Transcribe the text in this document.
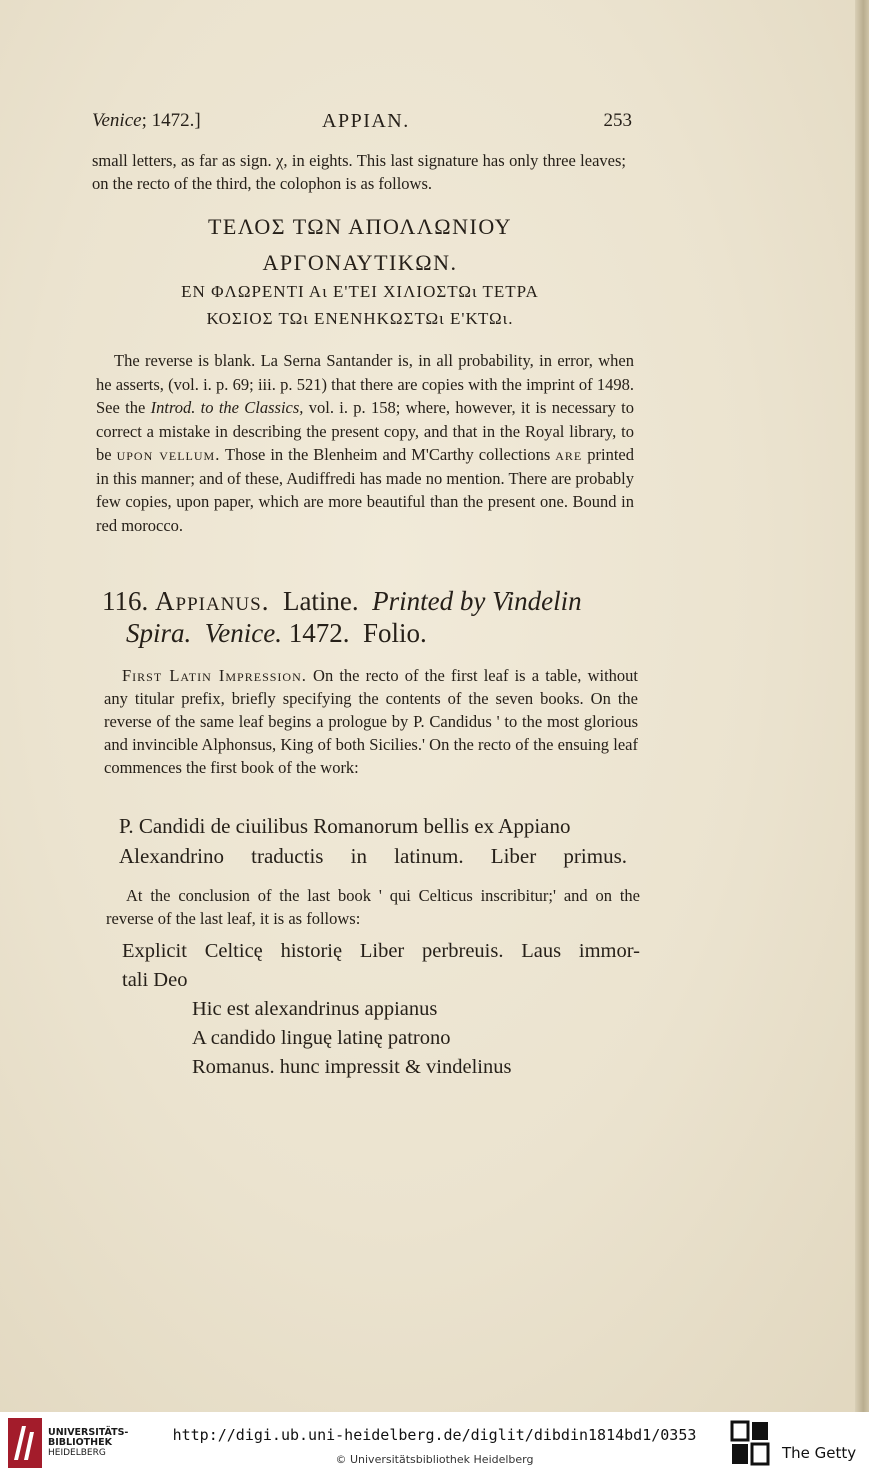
Venice; 1472.]	APPIAN.	253
small letters, as far as sign. χ, in eights. This last signature has only three leaves; on the recto of the third, the colophon is as follows.
ΤΕΛΟΣ ΤΩΝ ΑΠΟΛΛΩΝΙΟΥ
ΑΡΓΟΝΑΥΤΙΚΩΝ.
ΕΝ ΦΛΩΡΕΝΤΙ Αι Ε'ΤΕΙ ΧΙΛΙΟΣΤΩι ΤΕΤΡΑ
ΚΟΣΙΟΣ ΤΩι ΕΝΕΝΗΚΩΣΤΩι Ε'ΚΤΩι.
The reverse is blank. La Serna Santander is, in all probability, in error, when he asserts, (vol. i. p. 69; iii. p. 521) that there are copies with the imprint of 1498. See the Introd. to the Classics, vol. i. p. 158; where, however, it is necessary to correct a mistake in describing the present copy, and that in the Royal library, to be upon vellum. Those in the Blenheim and M'Carthy collections are printed in this manner; and of these, Audiffredi has made no mention. There are probably few copies, upon paper, which are more beautiful than the present one. Bound in red morocco.
116. Appianus. Latine. Printed by Vindelin
Spira. Venice. 1472. Folio.
First Latin Impression. On the recto of the first leaf is a table, without any titular prefix, briefly specifying the contents of the seven books. On the reverse of the same leaf begins a prologue by P. Candidus ' to the most glorious and invincible Alphonsus, King of both Sicilies.' On the recto of the ensuing leaf commences the first book of the work:
P. Candidi de ciuilibus Romanorum bellis ex Appiano
Alexandrino traductis in latinum. Liber primus.
At the conclusion of the last book ' qui Celticus inscribitur;' and on the reverse of the last leaf, it is as follows:
Explicit Celticę historię Liber perbreuis. Laus immor-
tali Deo
Hic est alexandrinus appianus
A candido linguę latinę patrono
Romanus. hunc impressit & vindelinus
UNIVERSITÄTS-
BIBLIOTHEK
HEIDELBERG
http://digi.ub.uni-heidelberg.de/diglit/dibdin1814bd1/0353
© Universitätsbibliothek Heidelberg	The Getty
